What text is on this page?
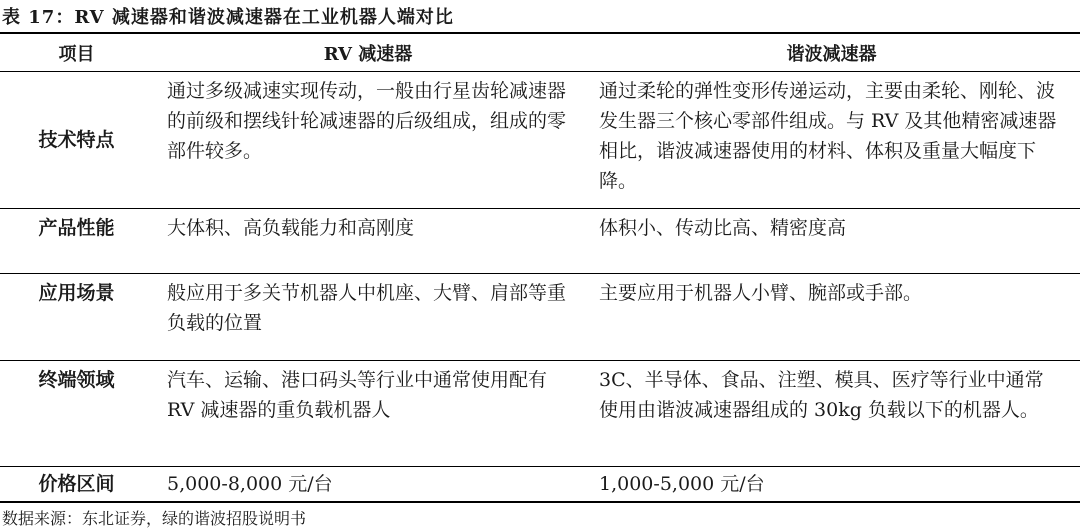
表 17：RV 减速器和谐波减速器在工业机器人端对比
项目	RV 减速器	谐波减速器
技术特点	通过多级减速实现传动，一般由行星齿轮减速器的前级和摆线针轮减速器的后级组成，组成的零部件较多。	通过柔轮的弹性变形传递运动，主要由柔轮、刚轮、波发生器三个核心零部件组成。与 RV 及其他精密减速器相比，谐波减速器使用的材料、体积及重量大幅度下降。
产品性能	大体积、高负载能力和高刚度	体积小、传动比高、精密度高
应用场景	般应用于多关节机器人中机座、大臂、肩部等重负载的位置	主要应用于机器人小臂、腕部或手部。
终端领域	汽车、运输、港口码头等行业中通常使用配有 RV 减速器的重负载机器人	3C、半导体、食品、注塑、模具、医疗等行业中通常使用由谐波减速器组成的 30kg 负载以下的机器人。
价格区间	5,000-8,000 元/台	1,000-5,000 元/台
数据来源：东北证券，绿的谐波招股说明书
